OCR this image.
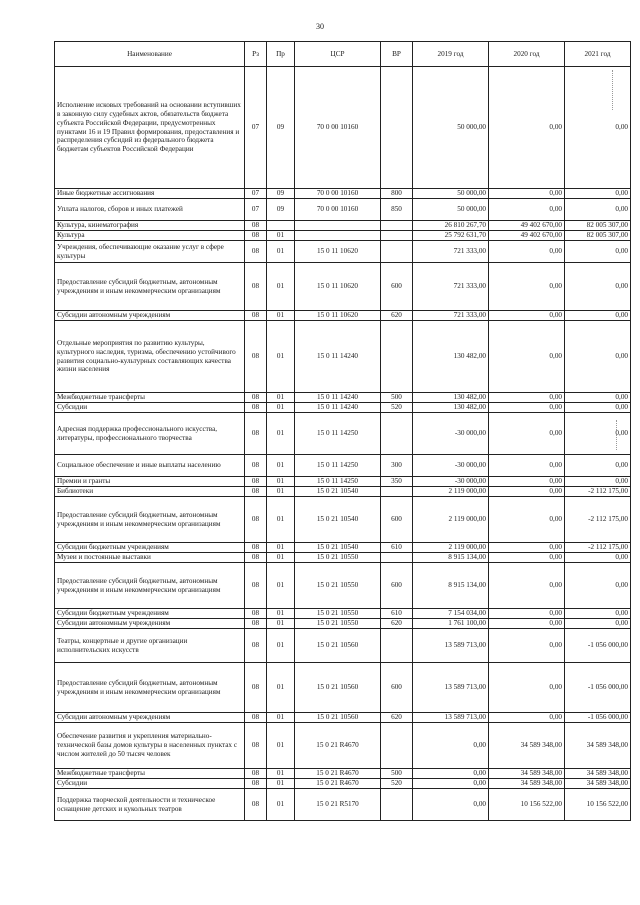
30
Наименование	Рз	Пр	ЦСР	ВР	2019 год	2020 год	2021 год
Исполнение исковых требований на основании вступивших в законную силу судебных актов, обязательств бюджета субъекта Российской Федерации, предусмотренных пунктами 16 и 19 Правил формирования, предоставления и распределения субсидий из федерального бюджета бюджетам субъектов Российской Федерации	07	09	70 0 00 10160		50 000,00	0,00	0,00
Иные бюджетные ассигнования	07	09	70 0 00 10160	800	50 000,00	0,00	0,00
Уплата налогов, сборов и иных платежей	07	09	70 0 00 10160	850	50 000,00	0,00	0,00
Культура, кинематография	08				26 810 267,70	49 402 670,00	82 005 307,00
Культура	08	01			25 792 631,70	49 402 670,00	82 005 307,00
Учреждения, обеспечивающие оказание услуг в сфере культуры	08	01	15 0 11 10620		721 333,00	0,00	0,00
Предоставление субсидий бюджетным, автономным учреждениям и иным некоммерческим организациям	08	01	15 0 11 10620	600	721 333,00	0,00	0,00
Субсидии автономным учреждениям	08	01	15 0 11 10620	620	721 333,00	0,00	0,00
Отдельные мероприятия по развитию культуры, культурного наследия, туризма, обеспечению устойчивого развития социально-культурных составляющих качества жизни населения	08	01	15 0 11 14240		130 482,00	0,00	0,00
Межбюджетные трансферты	08	01	15 0 11 14240	500	130 482,00	0,00	0,00
Субсидии	08	01	15 0 11 14240	520	130 482,00	0,00	0,00
Адресная поддержка профессионального искусства, литературы, профессионального творчества	08	01	15 0 11 14250		-30 000,00	0,00	0,00
Социальное обеспечение и иные выплаты населению	08	01	15 0 11 14250	300	-30 000,00	0,00	0,00
Премии и гранты	08	01	15 0 11 14250	350	-30 000,00	0,00	0,00
Библиотеки	08	01	15 0 21 10540		2 119 000,00	0,00	-2 112 175,00
Предоставление субсидий бюджетным, автономным учреждениям и иным некоммерческим организациям	08	01	15 0 21 10540	600	2 119 000,00	0,00	-2 112 175,00
Субсидии бюджетным учреждениям	08	01	15 0 21 10540	610	2 119 000,00	0,00	-2 112 175,00
Музеи и постоянные выставки	08	01	15 0 21 10550		8 915 134,00	0,00	0,00
Предоставление субсидий бюджетным, автономным учреждениям и иным некоммерческим организациям	08	01	15 0 21 10550	600	8 915 134,00	0,00	0,00
Субсидии бюджетным учреждениям	08	01	15 0 21 10550	610	7 154 034,00	0,00	0,00
Субсидии автономным учреждениям	08	01	15 0 21 10550	620	1 761 100,00	0,00	0,00
Театры, концертные и другие организации исполнительских искусств	08	01	15 0 21 10560		13 589 713,00	0,00	-1 056 000,00
Предоставление субсидий бюджетным, автономным учреждениям и иным некоммерческим организациям	08	01	15 0 21 10560	600	13 589 713,00	0,00	-1 056 000,00
Субсидии автономным учреждениям	08	01	15 0 21 10560	620	13 589 713,00	0,00	-1 056 000,00
Обеспечение развития и укрепления материально-технической базы домов культуры в населенных пунктах с числом жителей до 50 тысяч человек	08	01	15 0 21 R4670		0,00	34 589 348,00	34 589 348,00
Межбюджетные трансферты	08	01	15 0 21 R4670	500	0,00	34 589 348,00	34 589 348,00
Субсидии	08	01	15 0 21 R4670	520	0,00	34 589 348,00	34 589 348,00
Поддержка творческой деятельности и техническое оснащение детских и кукольных театров	08	01	15 0 21 R5170		0,00	10 156 522,00	10 156 522,00
